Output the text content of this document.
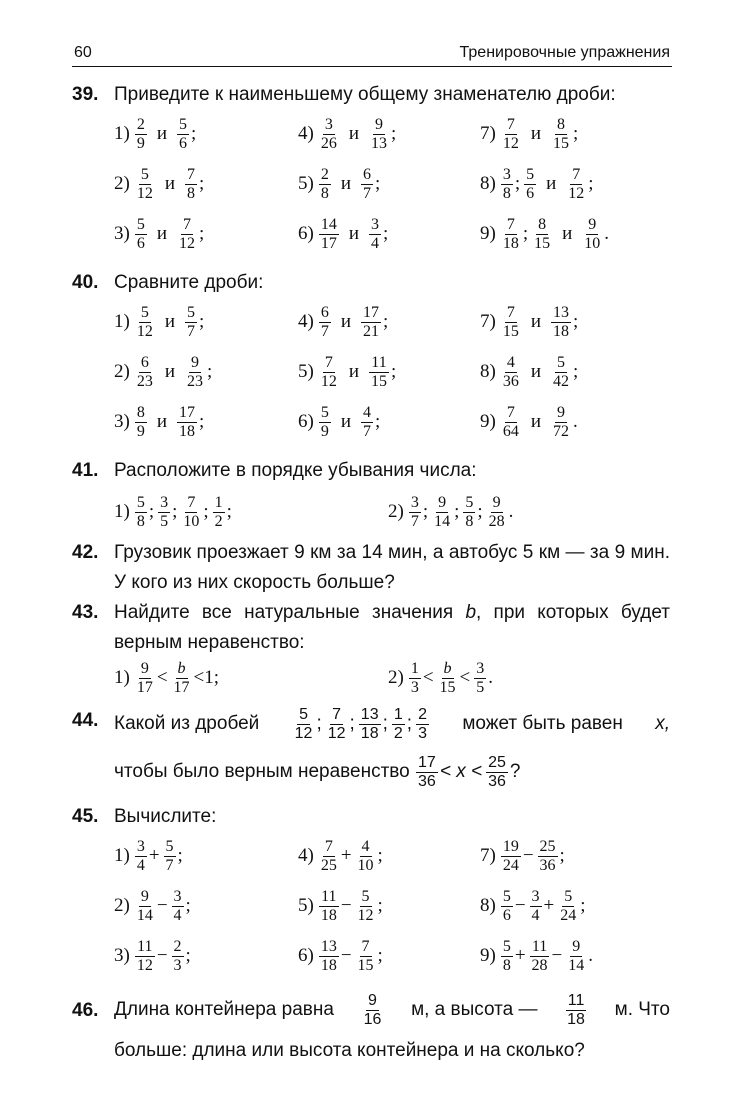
60	Тренировочные упражнения
39. Приведите к наименьшему общему знаменателю дроби:
$1) \frac{2}{9}$ и $\frac{5}{6}$ ;
$2) \frac{5}{12}$ и $\frac{7}{8}$ ;
$3) \frac{5}{6}$ и $\frac{7}{12}$ ;
$4) \frac{3}{26}$ и $\frac{9}{13}$ ;
$5) \frac{2}{8}$ и $\frac{6}{7}$ ;
$6) \frac{14}{17}$ и $\frac{3}{4}$ ;
$7) \frac{7}{12}$ и $\frac{8}{15}$ ;
$8) \frac{3}{8}$ ; $\frac{5}{6}$ и $\frac{7}{12}$ ;
$9) \frac{7}{18}$ ; $\frac{8}{15}$ и $\frac{9}{10}$ .
40. Сравните дроби:
$1) \frac{5}{12}$ и $\frac{5}{7}$ ;
$2) \frac{6}{23}$ и $\frac{9}{23}$ ;
$3) \frac{8}{9}$ и $\frac{17}{18}$ ;
$4) \frac{6}{7}$ и $\frac{17}{21}$ ;
$5) \frac{7}{12}$ и $\frac{11}{15}$ ;
$6) \frac{5}{9}$ и $\frac{4}{7}$ ;
$7) \frac{7}{15}$ и $\frac{13}{18}$ ;
$8) \frac{4}{36}$ и $\frac{5}{42}$ ;
$9) \frac{7}{64}$ и $\frac{9}{72}$ .
41. Расположите в порядке убывания числа:
$1) \frac{5}{8}$ ; $\frac{3}{5}$ ; $\frac{7}{10}$ ; $\frac{1}{2}$ ;	$2) \frac{3}{7}$ ; $\frac{9}{14}$ ; $\frac{5}{8}$ ; $\frac{9}{28}$ .
42. Грузовик проезжает 9 км за 14 мин, а автобус 5 км — за 9 мин. У кого из них скорость больше?
43. Найдите все натуральные значения b, при которых будет верным неравенство:
$1) \frac{9}{17} < \frac{b}{17} <1$;	$2) \frac{1}{3} < \frac{b}{15} < \frac{3}{5}$ .
44. Какой из дробей $\frac{5}{12}$ ; $\frac{7}{12}$ ; $\frac{13}{18}$ ; $\frac{1}{2}$ ; $\frac{2}{3}$ может быть равен x,
чтобы было верным неравенство
$\frac{17}{36} < x < \frac{25}{36}$ ?
45. Вычислите:
$1) \frac{3}{4} + \frac{5}{7}$ ;
$2) \frac{9}{14} - \frac{3}{4}$ ;
$3) \frac{11}{12} - \frac{2}{3}$ ;
$4) \frac{7}{25} + \frac{4}{10}$ ;
$5) \frac{11}{18} - \frac{5}{12}$ ;
$6) \frac{13}{18} - \frac{7}{15}$ ;
$7) \frac{19}{24} - \frac{25}{36}$ ;
$8) \frac{5}{6} - \frac{3}{4} + \frac{5}{24}$ ;
$9) \frac{5}{8} + \frac{11}{28} - \frac{9}{14}$ .
46. Длина контейнера равна $\frac{9}{16} м$, а высота — $\frac{11}{18} м$. Что
больше: длина или высота контейнера и на сколько?
